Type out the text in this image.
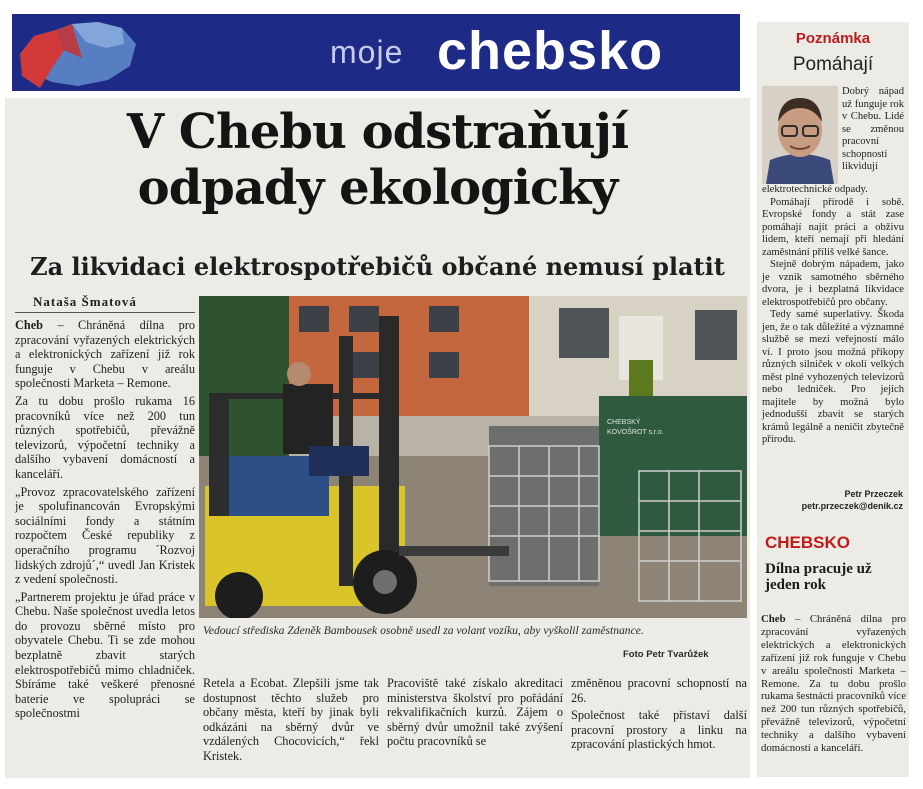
moje chebsko
V Chebu odstraňují
odpady ekologicky
Za likvidaci elektrospotřebičů občané nemusí platit
Nataša Šmatová

Cheb – Chráněná dílna pro zpracování vyřazených elektrických a elektronických zařízení již rok funguje v Chebu v areálu společnosti Marketa – Remone.

Za tu dobu prošlo rukama 16 pracovníků více než 200 tun různých spotřebičů, převážně televizorů, výpočetní techniky a dalšího vybavení domácností a kanceláří.

„Provoz zpracovatelského zařízení je spolufinancován Evropskými sociálními fondy a státním rozpočtem České republiky z operačního programu ´Rozvoj lidských zdrojů´,“ uvedl Jan Kristek z vedení společnosti.

„Partnerem projektu je úřad práce v Chebu. Naše společnost uvedla letos do provozu sběrné místo pro obyvatele Chebu. Ti se zde mohou bezplatně zbavit starých elektrospotřebičů mimo chladniček. Sbíráme také veškeré přenosné baterie ve spolupráci se společnostmi

CHEBSKÝ
KOVOŠROT s.r.o.
Vedoucí střediska Zdeněk Bambousek osobně usedl za volant vozíku, aby vyškolil zaměstnance.
Foto Petr Tvarůžek

Retela a Ecobat. Zlepšili jsme tak dostupnost těchto služeb pro občany města, kteří by jinak byli odkázáni na sběrný dvůr ve vzdálených Chocovicích,“ řekl Kristek.

Pracoviště také získalo akreditaci ministerstva školství pro pořádání rekvalifikačních kurzů. Zájem o sběrný dvůr umožnil také zvýšení počtu pracovníků se

změněnou pracovní schopností na 26.

Společnost také přistaví další pracovní prostory a linku na zpracování plastických hmot.

Poznámka
Pomáhají

Dobrý nápad už funguje rok v Chebu. Lidé se změnou pracovní schopností likvidují elektrotechnické odpady.

Pomáhají přírodě i sobě. Evropské fondy a stát zase pomáhají najít práci a obživu lidem, kteří nemají při hledání zaměstnání příliš velké šance.

Stejně dobrým nápadem, jako je vznik samotného sběrného dvora, je i bezplatná likvidace elektrospotřebičů pro občany.

Tedy samé superlativy. Škoda jen, že o tak důležité a významné službě se mezi veřejností málo ví. I proto jsou možná příkopy různých silniček v okolí velkých měst plné vyhozených televizorů nebo ledniček. Pro jejich majitele by možná bylo jednodušší zbavit se starých krámů legálně a neničit zbytečně přírodu.

Petr Przeczek
petr.przeczek@denik.cz
CHEBSKO
Dílna pracuje už jeden rok
Cheb – Chráněná dílna pro zpracování vyřazených elektrických a elektronických zařízení již rok funguje v Chebu v areálu společnosti Marketa – Remone. Za tu dobu prošlo rukama šestnácti pracovníků více než 200 tun různých spotřebičů, převážně televizorů, výpočetní techniky a dalšího vybavení domácností a kanceláří.
